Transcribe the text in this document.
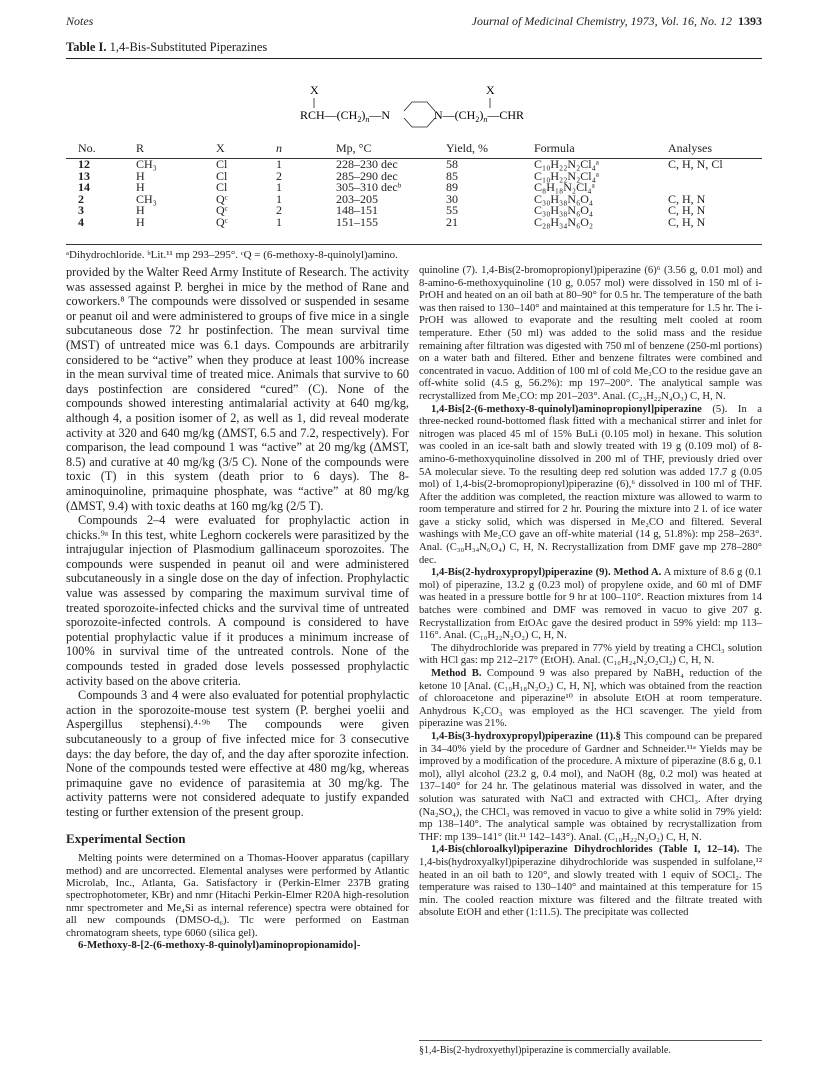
Notes	Journal of Medicinal Chemistry, 1973, Vol. 16, No. 12 1393
Table I. 1,4-Bis-Substituted Piperazines
X	X
$RCH—(CH_2)_n—N$	$N—(CH_2)_n—CHR$
No.	R	X	n	Mp, °C	Yield, %	Formula	Analyses

12	CH₃	Cl	1	228–230 dec	58	C₁₀H₂₂N₂Cl₄ᵃ	C, H, N, Cl
13	H	Cl	2	285–290 dec	85	C₁₀H₂₂N₂Cl₄ᵃ	
14	H	Cl	1	305–310 decᵇ	89	C₈H₁₈N₂Cl₄ᵃ	
2	CH₃	Qᶜ	1	203–205	30	C₃₀H₃₈N₆O₄	C, H, N
3	H	Qᶜ	2	148–151	55	C₃₀H₃₈N₆O₄	C, H, N
4	H	Qᶜ	1	151–155	21	C₂₈H₃₄N₆O₂	C, H, N
ᵃDihydrochloride. ᵇLit.¹¹ mp 293–295°. ᶜQ = (6-methoxy-8-quinolyl)amino.

provided by the Walter Reed Army Institute of Research. The activity was assessed against P. berghei in mice by the method of Rane and coworkers.⁸ The compounds were dissolved or suspended in sesame or peanut oil and were administered to groups of five mice in a single subcutaneous dose 72 hr postinfection. The mean survival time (MST) of untreated mice was 6.1 days. Compounds are arbitrarily considered to be “active” when they produce at least 100% increase in the mean survival time of treated mice. Animals that survive to 60 days postinfection are considered “cured” (C). None of the compounds showed interesting antimalarial activity at 640 mg/kg, although 4, a position isomer of 2, as well as 1, did reveal moderate activity at 320 and 640 mg/kg (ΔMST, 6.5 and 7.2, respectively). For comparison, the lead compound 1 was “active” at 20 mg/kg (ΔMST, 8.5) and curative at 40 mg/kg (3/5 C). None of the compounds were toxic (T) in this system (death prior to 6 days). The 8-aminoquinoline, primaquine phosphate, was “active” at 80 mg/kg (ΔMST, 9.4) with toxic deaths at 160 mg/kg (2/5 T).

Compounds 2–4 were evaluated for prophylactic action in chicks.⁹ᵃ In this test, white Leghorn cockerels were parasitized by the intrajugular injection of Plasmodium gallinaceum sporozoites. The compounds were suspended in peanut oil and were administered subcutaneously in a single dose on the day of infection. Prophylactic value was assessed by comparing the maximum survival time of treated sporozoite-infected chicks and the survival time of untreated sporozoite-infected controls. A compound is considered to have potential prophylactic value if it produces a minimum increase of 100% in survival time of the untreated controls. None of the compounds tested in graded dose levels possessed prophylactic activity based on the above criteria.

Compounds 3 and 4 were also evaluated for potential prophylactic action in the sporozoite-mouse test system (P. berghei yoelii and Aspergillus stephensi).⁴·⁹ᵇ The compounds were given subcutaneously to a group of five infected mice for 3 consecutive days: the day before, the day of, and the day after sporozite infection. None of the compounds tested were effective at 480 mg/kg, whereas primaquine gave no evidence of parasitemia at 30 mg/kg. The activity patterns were not considered adequate to justify expanded testing or further extension of the present group.

Experimental Section

Melting points were determined on a Thomas-Hoover apparatus (capillary method) and are uncorrected. Elemental analyses were performed by Atlantic Microlab, Inc., Atlanta, Ga. Satisfactory ir (Perkin-Elmer 237B grating spectrophotometer, KBr) and nmr (Hitachi Perkin-Elmer R20A high-resolution nmr spectrometer and Me₄Si as internal reference) spectra were obtained for all new compounds (DMSO-d₆). Tlc were performed on Eastman chromatogram sheets, type 6060 (silica gel).

6-Methoxy-8-[2-(6-methoxy-8-quinolyl)aminopropionamido]-

quinoline (7). 1,4-Bis(2-bromopropionyl)piperazine (6)⁶ (3.56 g, 0.01 mol) and 8-amino-6-methoxyquinoline (10 g, 0.057 mol) were dissolved in 150 ml of i-PrOH and heated on an oil bath at 80–90° for 0.5 hr. The temperature of the bath was then raised to 130–140° and maintained at this temperature for 1.5 hr. The i-PrOH was allowed to evaporate and the resulting melt cooled at room temperature. Ether (50 ml) was added to the solid mass and the residue remaining after filtration was digested with 750 ml of benzene (250-ml portions) on a water bath and filtered. Ether and benzene filtrates were combined and concentrated in vacuo. Addition of 100 ml of cold Me₂CO to the residue gave an off-white solid (4.5 g, 56.2%): mp 197–200°. The analytical sample was recrystallized from Me₂CO: mp 201–203°. Anal. (C₂₃H₂₂N₄O₃) C, H, N.

1,4-Bis[2-(6-methoxy-8-quinolyl)aminopropionyl]piperazine (5). In a three-necked round-bottomed flask fitted with a mechanical stirrer and inlet for nitrogen was placed 45 ml of 15% BuLi (0.105 mol) in hexane. This solution was cooled in an ice-salt bath and slowly treated with 19 g (0.109 mol) of 8-amino-6-methoxyquinoline dissolved in 200 ml of THF, previously dried over 5A molecular sieve. To the resulting deep red solution was added 17.7 g (0.05 mol) of 1,4-bis(2-bromopropionyl)piperazine (6),⁶ dissolved in 100 ml of THF. After the addition was completed, the reaction mixture was allowed to warm to room temperature and stirred for 2 hr. Pouring the mixture into 2 l. of ice water gave a sticky solid, which was dispersed in Me₂CO and filtered. Several washings with Me₂CO gave an off-white material (14 g, 51.8%): mp 258–263°. Anal. (C₃₀H₃₄N₆O₄) C, H, N. Recrystallization from DMF gave mp 278–280° dec.

1,4-Bis(2-hydroxypropyl)piperazine (9). Method A. A mixture of 8.6 g (0.1 mol) of piperazine, 13.2 g (0.23 mol) of propylene oxide, and 60 ml of DMF was heated in a pressure bottle for 9 hr at 100–110°. Reaction mixtures from 14 batches were combined and DMF was removed in vacuo to give 207 g. Recrystallization from EtOAc gave the desired product in 59% yield: mp 113–116°. Anal. (C₁₀H₂₂N₂O₂) C, H, N.

The dihydrochloride was prepared in 77% yield by treating a CHCl₃ solution with HCl gas: mp 212–217° (EtOH). Anal. (C₁₀H₂₄N₂O₂Cl₂) C, H, N.

Method B. Compound 9 was also prepared by NaBH₄ reduction of the ketone 10 [Anal. (C₁₀H₁₈N₂O₂) C, H, N], which was obtained from the reaction of chloroacetone and piperazine¹⁰ in absolute EtOH at room temperature. Anhydrous K₂CO₃ was employed as the HCl scavenger. The yield from piperazine was 21%.

1,4-Bis(3-hydroxypropyl)piperazine (11).§ This compound can be prepared in 34–40% yield by the procedure of Gardner and Schneider.¹¹ᵃ Yields may be improved by a modification of the procedure. A mixture of piperazine (8.6 g, 0.1 mol), allyl alcohol (23.2 g, 0.4 mol), and NaOH (8g, 0.2 mol) was heated at 137–140° for 24 hr. The gelatinous material was dissolved in water, and the solution was saturated with NaCl and extracted with CHCl₃. After drying (Na₂SO₄), the CHCl₃ was removed in vacuo to give a white solid in 79% yield: mp 138–140°. The analytical sample was obtained by recrystallization from THF: mp 139–141° (lit.¹¹ 142–143°). Anal. (C₁₀H₂₂N₂O₂) C, H, N.

1,4-Bis(chloroalkyl)piperazine Dihydrochlorides (Table I, 12–14). The 1,4-bis(hydroxyalkyl)piperazine dihydrochloride was suspended in sulfolane,¹² heated in an oil bath to 120°, and slowly treated with 1 equiv of SOCl₂. The temperature was raised to 130–140° and maintained at this temperature for 15 min. The cooled reaction mixture was filtered and the filtrate treated with absolute EtOH and ether (1:11.5). The precipitate was collected

§1,4-Bis(2-hydroxyethyl)piperazine is commercially available.
